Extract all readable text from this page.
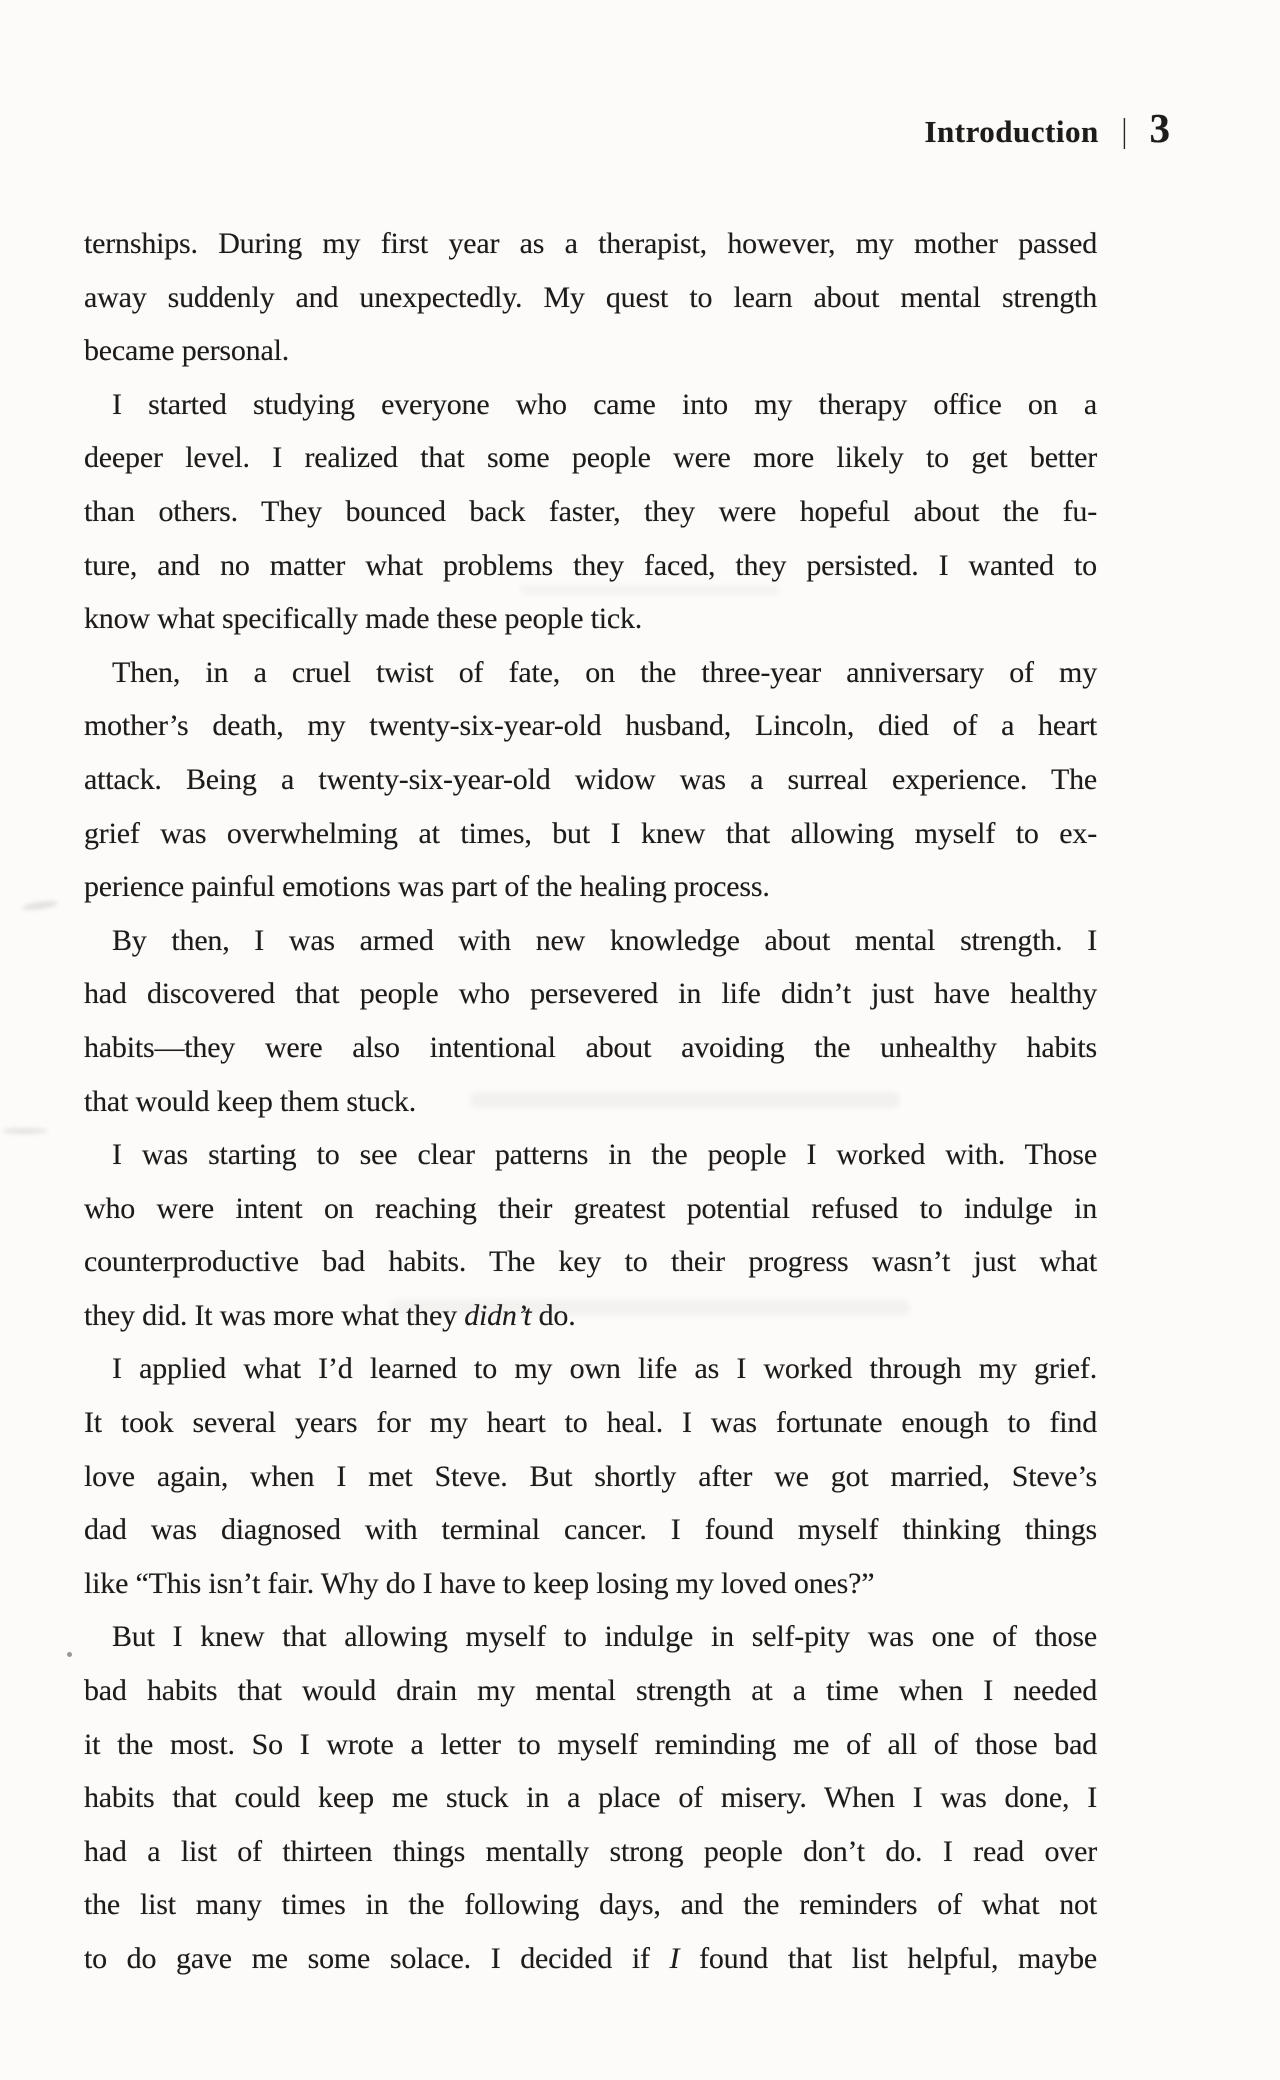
Introduction | 3
ternships. During my first year as a therapist, however, my mother passed
away suddenly and unexpectedly. My quest to learn about mental strength
became personal.
I started studying everyone who came into my therapy office on a
deeper level. I realized that some people were more likely to get better
than others. They bounced back faster, they were hopeful about the fu-
ture, and no matter what problems they faced, they persisted. I wanted to
know what specifically made these people tick.
Then, in a cruel twist of fate, on the three-year anniversary of my
mother’s death, my twenty-six-year-old husband, Lincoln, died of a heart
attack. Being a twenty-six-year-old widow was a surreal experience. The
grief was overwhelming at times, but I knew that allowing myself to ex-
perience painful emotions was part of the healing process.
By then, I was armed with new knowledge about mental strength. I
had discovered that people who persevered in life didn’t just have healthy
habits—they were also intentional about avoiding the unhealthy habits
that would keep them stuck.
I was starting to see clear patterns in the people I worked with. Those
who were intent on reaching their greatest potential refused to indulge in
counterproductive bad habits. The key to their progress wasn’t just what
they did. It was more what they didn’t do.
I applied what I’d learned to my own life as I worked through my grief.
It took several years for my heart to heal. I was fortunate enough to find
love again, when I met Steve. But shortly after we got married, Steve’s
dad was diagnosed with terminal cancer. I found myself thinking things
like “This isn’t fair. Why do I have to keep losing my loved ones?”
But I knew that allowing myself to indulge in self-pity was one of those
bad habits that would drain my mental strength at a time when I needed
it the most. So I wrote a letter to myself reminding me of all of those bad
habits that could keep me stuck in a place of misery. When I was done, I
had a list of thirteen things mentally strong people don’t do. I read over
the list many times in the following days, and the reminders of what not
to do gave me some solace. I decided if I found that list helpful, maybe
